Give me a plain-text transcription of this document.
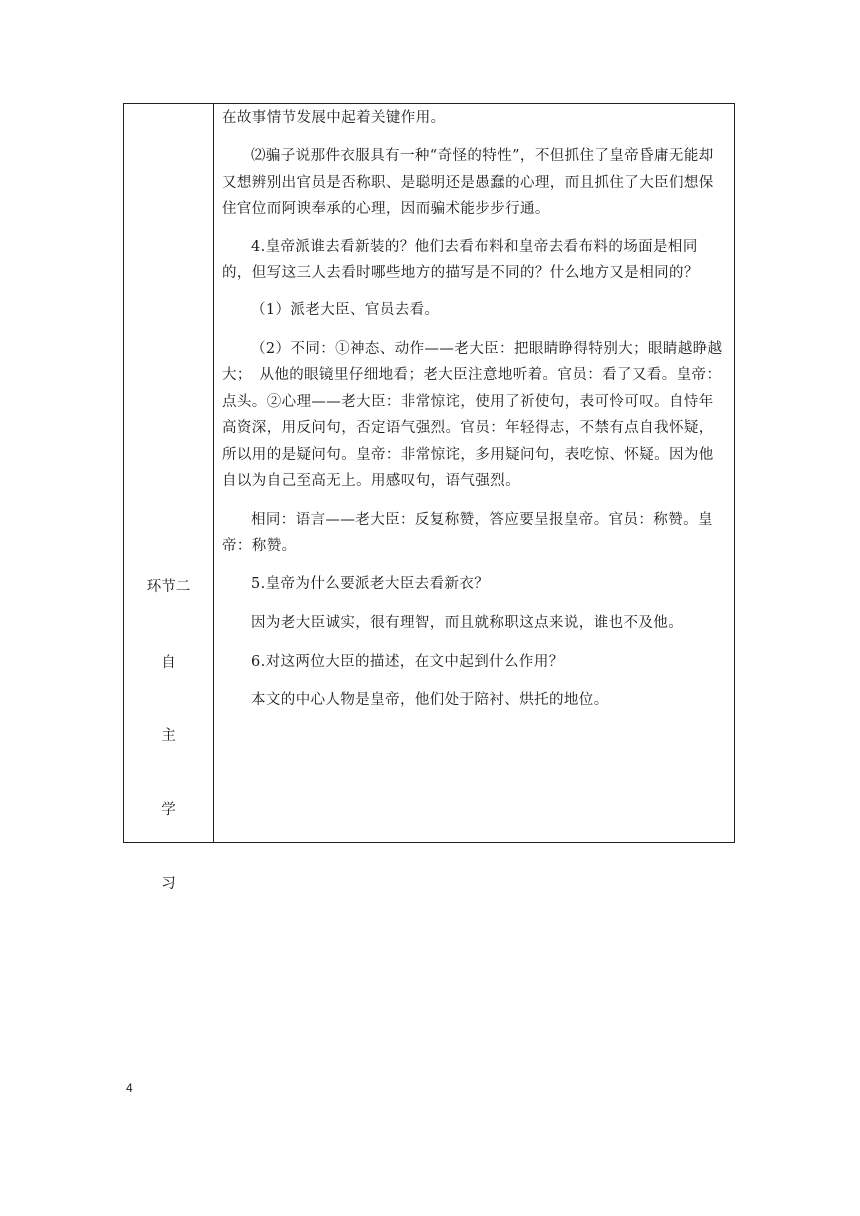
环节二
自
主
学
习

在故事情节发展中起着关键作用。

⑵骗子说那件衣服具有一种“奇怪的特性”，不但抓住了皇帝昏庸无能却又想辨别出官员是否称职、是聪明还是愚蠢的心理，而且抓住了大臣们想保住官位而阿谀奉承的心理，因而骗术能步步行通。

4.皇帝派谁去看新装的？他们去看布料和皇帝去看布料的场面是相同的，但写这三人去看时哪些地方的描写是不同的？什么地方又是相同的？

（1）派老大臣、官员去看。

（2）不同：①神态、动作——老大臣：把眼睛睁得特别大；眼睛越睁越大；　从他的眼镜里仔细地看；老大臣注意地听着。官员：看了又看。皇帝：点头。②心理——老大臣：非常惊诧，使用了祈使句，表可怜可叹。自恃年高资深，用反问句，否定语气强烈。官员：年轻得志，不禁有点自我怀疑，所以用的是疑问句。皇帝：非常惊诧，多用疑问句，表吃惊、怀疑。因为他自以为自己至高无上。用感叹句，语气强烈。

相同：语言——老大臣：反复称赞，答应要呈报皇帝。官员：称赞。皇帝：称赞。

5.皇帝为什么要派老大臣去看新衣？

因为老大臣诚实，很有理智，而且就称职这点来说，谁也不及他。

6.对这两位大臣的描述，在文中起到什么作用？

本文的中心人物是皇帝，他们处于陪衬、烘托的地位。

4
